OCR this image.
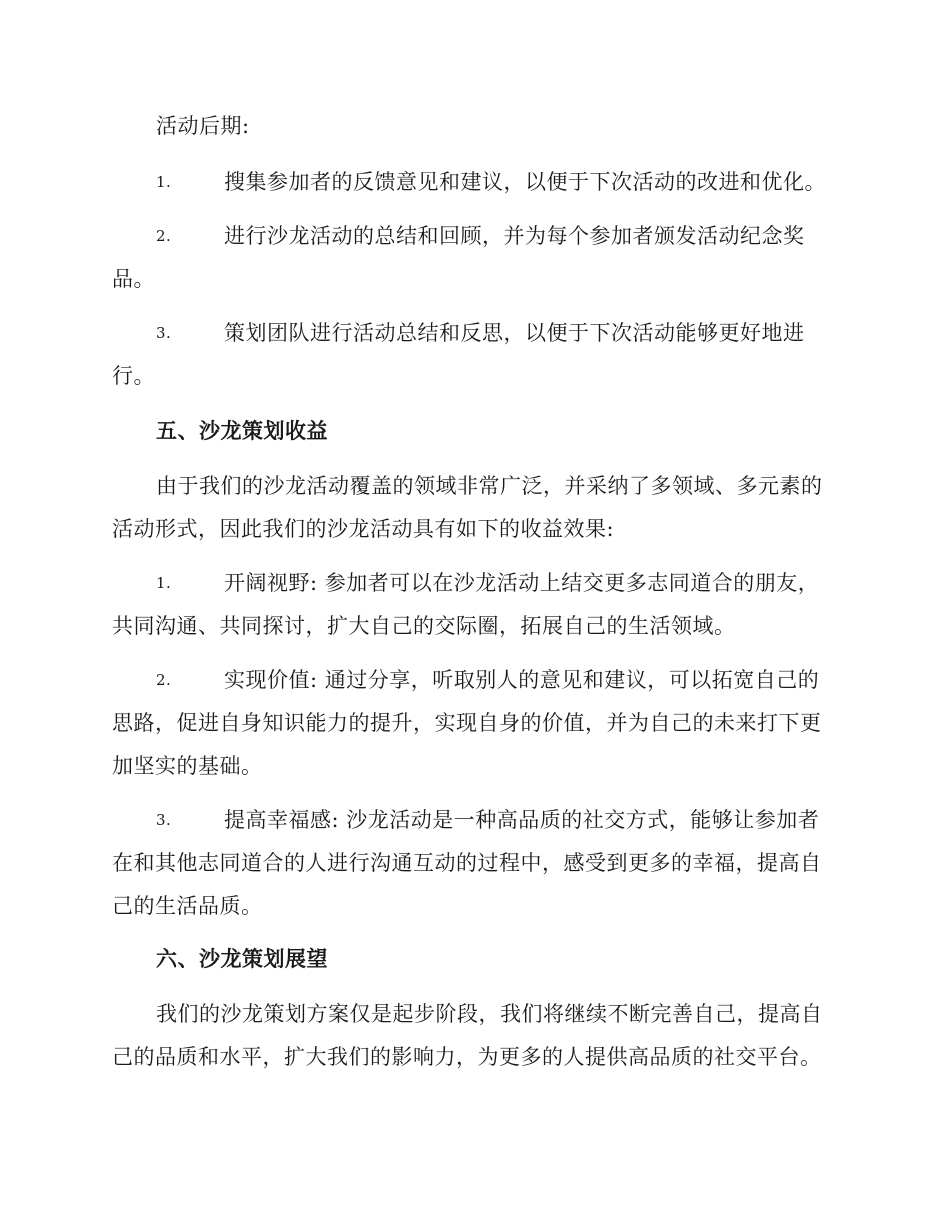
活动后期:
1.	搜集参加者的反馈意见和建议，以便于下次活动的改进和优化。
2.	进行沙龙活动的总结和回顾，并为每个参加者颁发活动纪念奖品。
3.	策划团队进行活动总结和反思，以便于下次活动能够更好地进行。
五、沙龙策划收益
由于我们的沙龙活动覆盖的领域非常广泛，并采纳了多领域、多元素的活动形式，因此我们的沙龙活动具有如下的收益效果:
1.	开阔视野: 参加者可以在沙龙活动上结交更多志同道合的朋友，共同沟通、共同探讨，扩大自己的交际圈，拓展自己的生活领域。
2.	实现价值: 通过分享，听取别人的意见和建议，可以拓宽自己的思路，促进自身知识能力的提升，实现自身的价值，并为自己的未来打下更加坚实的基础。
3.	提高幸福感: 沙龙活动是一种高品质的社交方式，能够让参加者在和其他志同道合的人进行沟通互动的过程中，感受到更多的幸福，提高自己的生活品质。
六、沙龙策划展望
我们的沙龙策划方案仅是起步阶段，我们将继续不断完善自己，提高自己的品质和水平，扩大我们的影响力，为更多的人提供高品质的社交平台。
